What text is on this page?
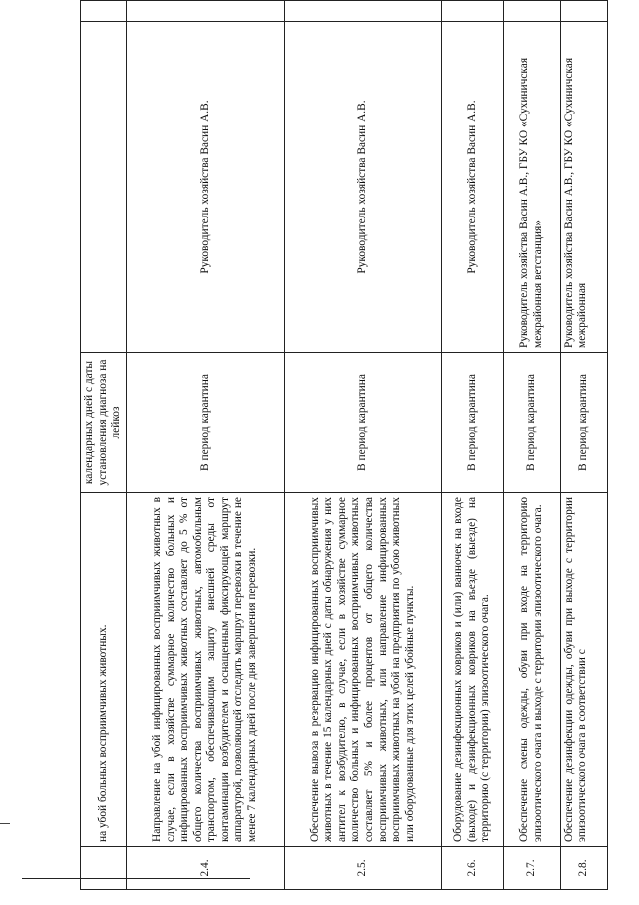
	на убой больных восприимчивых животных.	календарных дней с даты установления диагноза на лейкоз		
2.4.	Направление на убой инфицированных восприимчивых животных в случае, если в хозяйстве суммарное количество больных и инфицированных восприимчивых животных составляет до 5 % от общего количества восприимчивых животных, автомобильным транспортом, обеспечивающим защиту внешней среды от контаминации возбудителем и оснащенным фиксирующей маршрут аппаратурой, позволяющей отследить маршрут перевозки в течение не менее 7 календарных дней после дня завершения перевозки.	В период карантина	Руководитель хозяйства Васин А.В.	
2.5.	Обеспечение вывоза в резервацию инфицированных восприимчивых животных в течение 15 календарных дней с даты обнаружения у них антител к возбудителю, в случае, если в хозяйстве суммарное количество больных и инфицированных восприимчивых животных составляет 5% и более процентов от общего количества восприимчивых животных, или направление инфицированных восприимчивых животных на убой на предприятия по убою животных или оборудованные для этих целей убойные пункты.	В период карантина	Руководитель хозяйства Васин А.В.	
2.6.	Оборудование дезинфекционных ковриков и (или) ванночек на входе (выходе) и дезинфекционных ковриков на въезде (выезде) на территорию (с территории) эпизоотического очага.	В период карантина	Руководитель хозяйства Васин А.В.	
2.7.	Обеспечение смены одежды, обуви при входе на территорию эпизоотического очага и выходе с территории эпизоотического очага.	В период карантина	Руководитель хозяйства Васин А.В., ГБУ КО «Сухиничская межрайонная ветстанция»	
2.8.	Обеспечение дезинфекции одежды, обуви при выходе с территории эпизоотического очага в соответствии с	В период карантина	Руководитель хозяйства Васин А.В., ГБУ КО «Сухиничская межрайонная	
